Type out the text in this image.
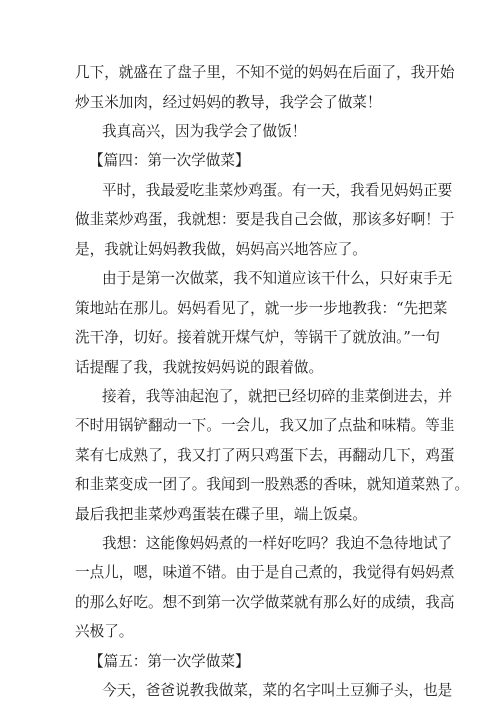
几下，就盛在了盘子里，不知不觉的妈妈在后面了，我开始
炒玉米加肉，经过妈妈的教导，我学会了做菜！
我真高兴，因为我学会了做饭！
【篇四：第一次学做菜】
平时，我最爱吃韭菜炒鸡蛋。有一天，我看见妈妈正要
做韭菜炒鸡蛋，我就想：要是我自己会做，那该多好啊！于
是，我就让妈妈教我做，妈妈高兴地答应了。
由于是第一次做菜，我不知道应该干什么，只好束手无
策地站在那儿。妈妈看见了，就一步一步地教我：“先把菜
洗干净，切好。接着就开煤气炉，等锅干了就放油。”一句
话提醒了我，我就按妈妈说的跟着做。
接着，我等油起泡了，就把已经切碎的韭菜倒进去，并
不时用锅铲翻动一下。一会儿，我又加了点盐和味精。等韭
菜有七成熟了，我又打了两只鸡蛋下去，再翻动几下，鸡蛋
和韭菜变成一团了。我闻到一股熟悉的香味，就知道菜熟了。
最后我把韭菜炒鸡蛋装在碟子里，端上饭桌。
我想：这能像妈妈煮的一样好吃吗？我迫不急待地试了
一点儿，嗯，味道不错。由于是自己煮的，我觉得有妈妈煮
的那么好吃。想不到第一次学做菜就有那么好的成绩，我高
兴极了。
【篇五：第一次学做菜】
今天，爸爸说教我做菜，菜的名字叫土豆狮子头，也是
